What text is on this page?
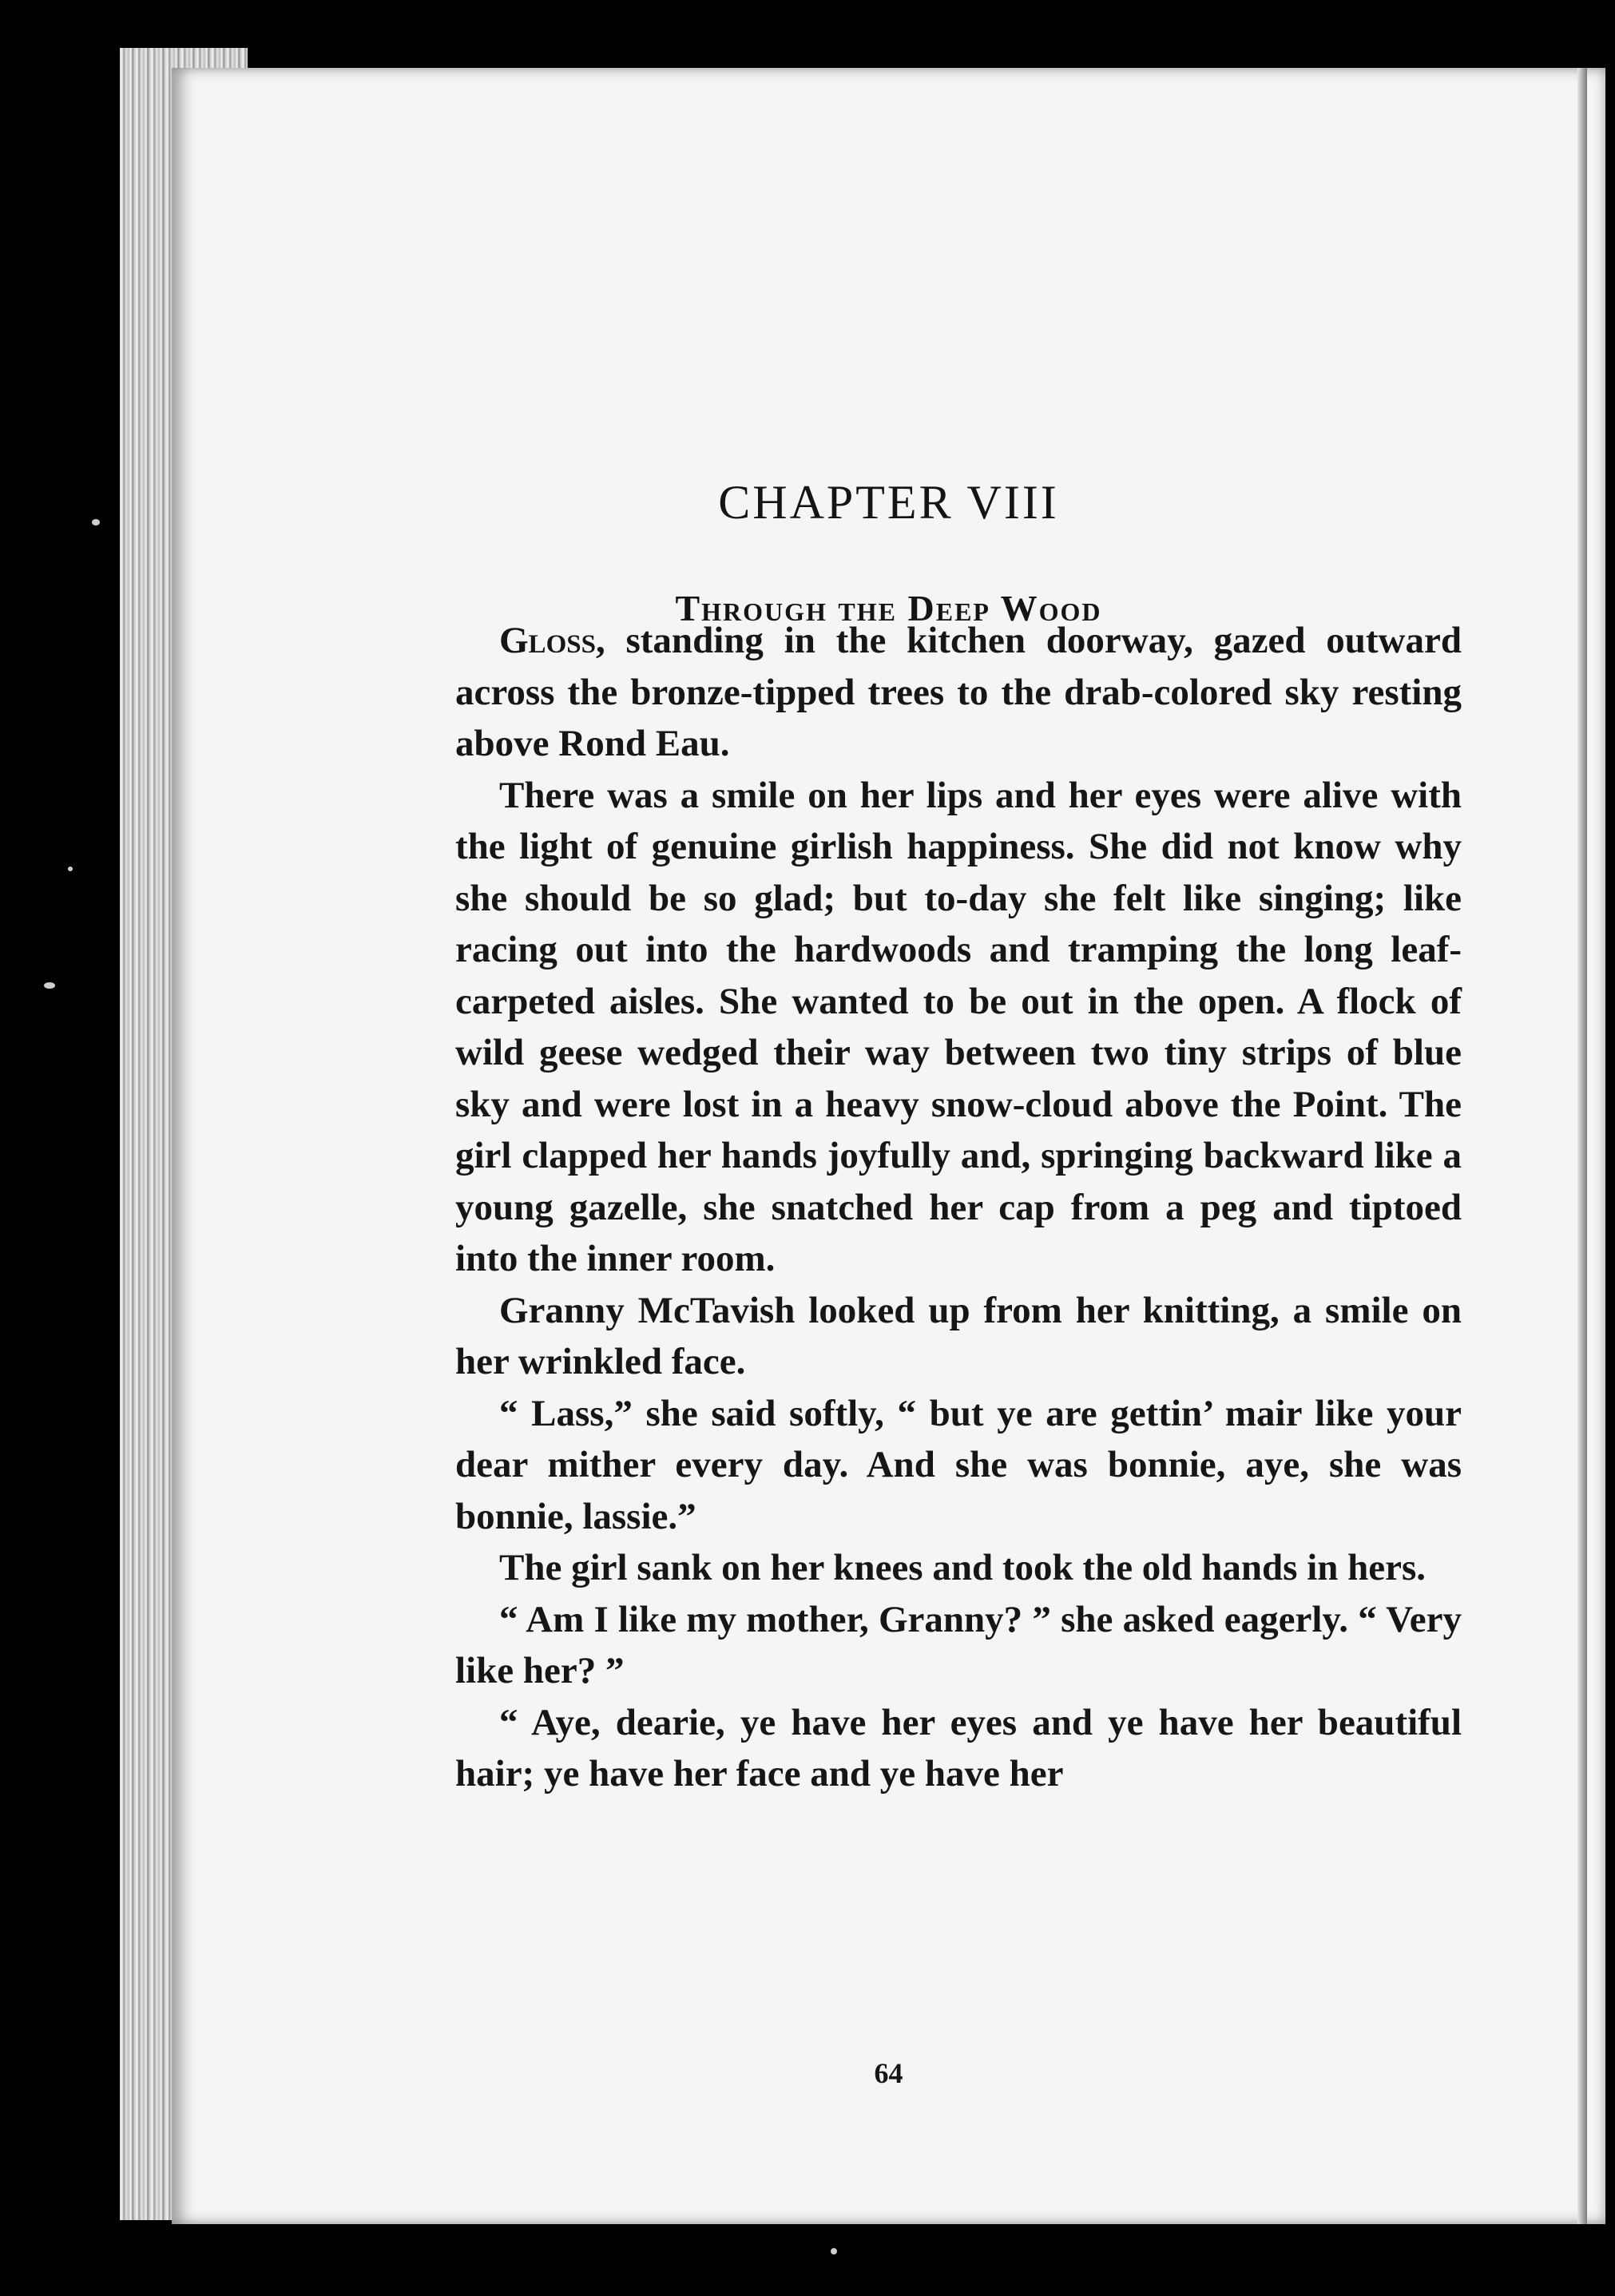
CHAPTER VIII
Through the Deep Wood
64

Gloss, standing in the kitchen doorway, gazed outward across the bronze-tipped trees to the drab-colored sky resting above Rond Eau.

There was a smile on her lips and her eyes were alive with the light of genuine girlish happiness. She did not know why she should be so glad; but to-day she felt like singing; like racing out into the hardwoods and tramping the long leaf-carpeted aisles. She wanted to be out in the open. A flock of wild geese wedged their way between two tiny strips of blue sky and were lost in a heavy snow-cloud above the Point. The girl clapped her hands joyfully and, springing backward like a young gazelle, she snatched her cap from a peg and tiptoed into the inner room.

Granny McTavish looked up from her knitting, a smile on her wrinkled face.

“ Lass,” she said softly, “ but ye are gettin’ mair like your dear mither every day. And she was bonnie, aye, she was bonnie, lassie.”

The girl sank on her knees and took the old hands in hers.

“ Am I like my mother, Granny? ” she asked eagerly. “ Very like her? ”

“ Aye, dearie, ye have her eyes and ye have her beautiful hair; ye have her face and ye have her
